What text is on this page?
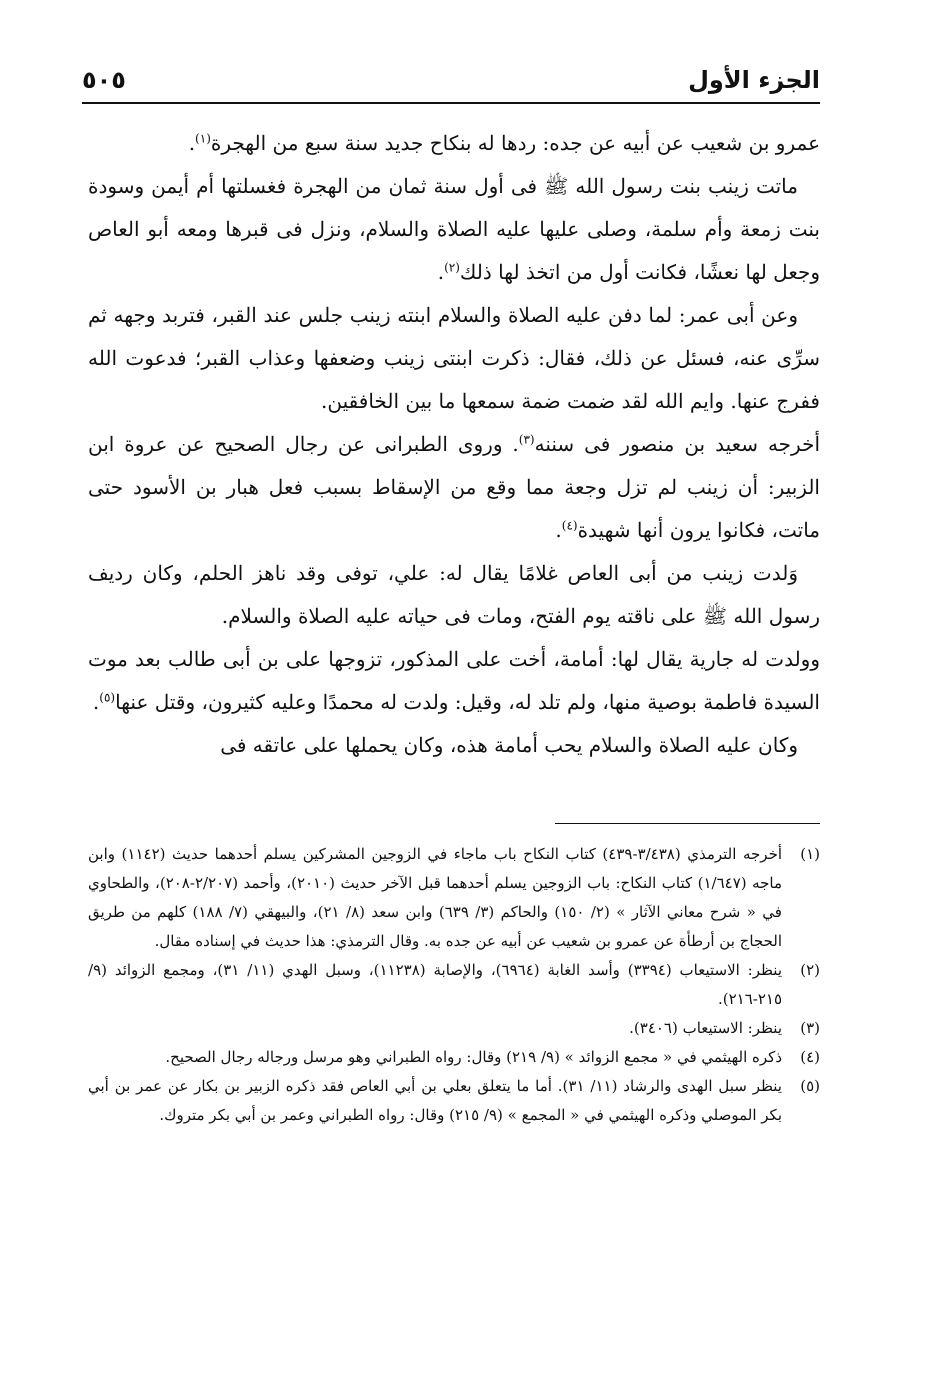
الجزء الأول
٥٠٥

عمرو بن شعيب عن أبيه عن جده: ردها له بنكاح جديد سنة سبع من الهجرة$^{(١)}$.

ماتت زينب بنت رسول الله ﷺ فى أول سنة ثمان من الهجرة فغسلتها أم أيمن وسودة بنت زمعة وأم سلمة، وصلى عليها عليه الصلاة والسلام، ونزل فى قبرها ومعه أبو العاص وجعل لها نعشًا، فكانت أول من اتخذ لها ذلك$^{(٢)}$.

وعن أبى عمر: لما دفن عليه الصلاة والسلام ابنته زينب جلس عند القبر، فتربد وجهه ثم سرِّى عنه، فسئل عن ذلك، فقال: ذكرت ابنتى زينب وضعفها وعذاب القبر؛ فدعوت الله ففرج عنها. وايم الله لقد ضمت ضمة سمعها ما بين الخافقين.

أخرجه سعيد بن منصور فى سننه$^{(٣)}$. وروى الطبرانى عن رجال الصحيح عن عروة ابن الزبير: أن زينب لم تزل وجعة مما وقع من الإسقاط بسبب فعل هبار بن الأسود حتى ماتت، فكانوا يرون أنها شهيدة$^{(٤)}$.

وَلدت زينب من أبى العاص غلامًا يقال له: علي، توفى وقد ناهز الحلم، وكان رديف رسول الله ﷺ على ناقته يوم الفتح، ومات فى حياته عليه الصلاة والسلام.

وولدت له جارية يقال لها: أمامة، أخت على المذكور، تزوجها على بن أبى طالب بعد موت السيدة فاطمة بوصية منها، ولم تلد له، وقيل: ولدت له محمدًا وعليه كثيرون، وقتل عنها$^{(٥)}$.

وكان عليه الصلاة والسلام يحب أمامة هذه، وكان يحملها على عاتقه فى

(١)
أخرجه الترمذي (٣/٤٣٨-٤٣٩) كتاب النكاح باب ماجاء في الزوجين المشركين يسلم أحدهما حديث (١١٤٢) وابن ماجه (١/٦٤٧) كتاب النكاح: باب الزوجين يسلم أحدهما قبل الآخر حديث (٢٠١٠)، وأحمد (٢/٢٠٧-٢٠٨)، والطحاوي في « شرح معاني الآثار » (٢/ ١٥٠) والحاكم (٣/ ٦٣٩) وابن سعد (٨/ ٢١)، والبيهقي (٧/ ١٨٨) كلهم من طريق الحجاج بن أرطأة عن عمرو بن شعيب عن أبيه عن جده به. وقال الترمذي: هذا حديث في إسناده مقال.
(٢)
ينظر: الاستيعاب (٣٣٩٤) وأسد الغابة (٦٩٦٤)، والإصابة (١١٢٣٨)، وسبل الهدي (١١/ ٣١)، ومجمع الزوائد (٩/ ٢١٥-٢١٦).
(٣)
ينظر: الاستيعاب (٣٤٠٦).
(٤)
ذكره الهيثمي في « مجمع الزوائد » (٩/ ٢١٩) وقال: رواه الطبراني وهو مرسل ورجاله رجال الصحيح.
(٥)
ينظر سبل الهدى والرشاد (١١/ ٣١). أما ما يتعلق بعلي بن أبي العاص فقد ذكره الزبير بن بكار عن عمر بن أبي بكر الموصلي وذكره الهيثمي في « المجمع » (٩/ ٢١٥) وقال: رواه الطبراني وعمر بن أبي بكر متروك.
